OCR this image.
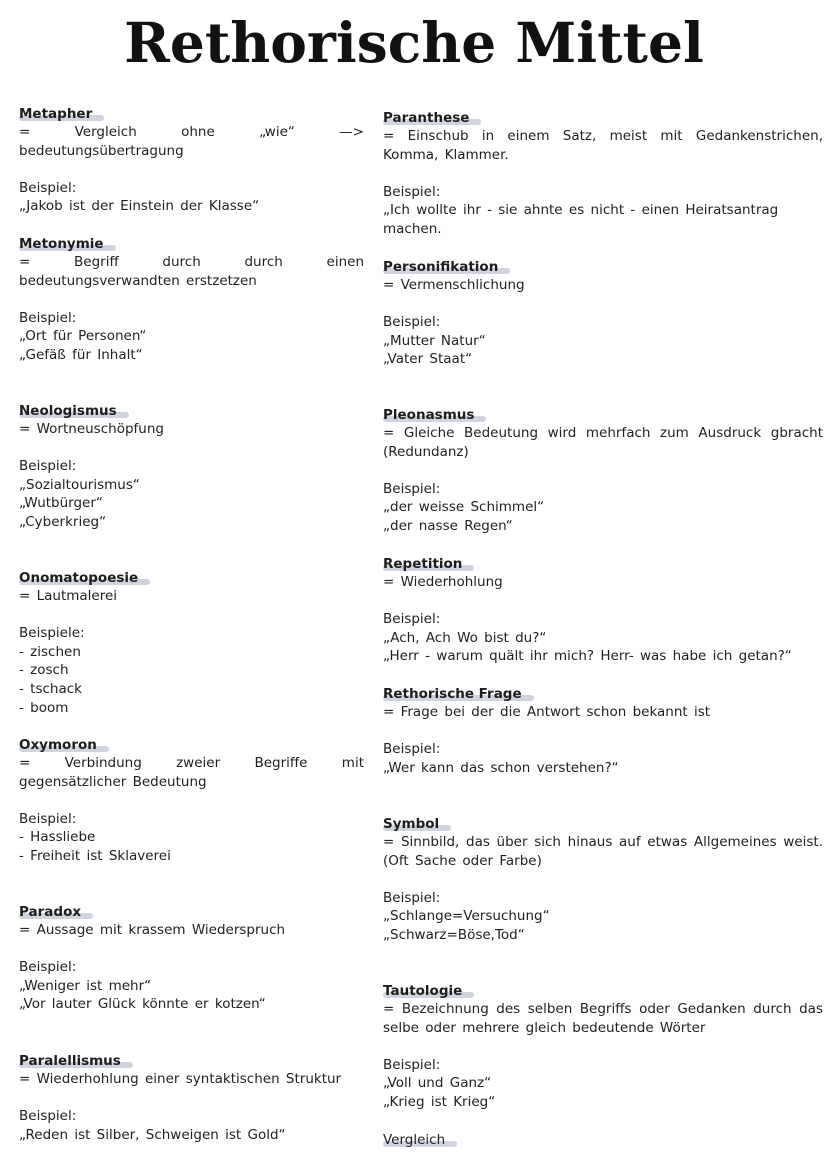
Rethorische Mittel
Metapher
= Vergleich ohne „wie“ —> bedeutungsübertragung
Beispiel:
„Jakob ist der Einstein der Klasse“
Metonymie
= Begriff durch durch einen bedeutungsverwandten erstzetzen
Beispiel:
„Ort für Personen“
„Gefäß für Inhalt“
Neologismus
= Wortneuschöpfung
Beispiel:
„Sozialtourismus“
„Wutbürger“
„Cyberkrieg“
Onomatopoesie
= Lautmalerei
Beispiele:
- zischen
- zosch
- tschack
- boom
Oxymoron
= Verbindung zweier Begriffe mit gegensätzlicher Bedeutung
Beispiel:
- Hassliebe
- Freiheit ist Sklaverei
Paradox
= Aussage mit krassem Wiederspruch
Beispiel:
„Weniger ist mehr“
„Vor lauter Glück könnte er kotzen“
Paralellismus
= Wiederhohlung einer syntaktischen Struktur
Beispiel:
„Reden ist Silber, Schweigen ist Gold“
Paranthese
= Einschub in einem Satz, meist mit Gedankenstrichen, Komma, Klammer.
Beispiel:
„Ich wollte ihr - sie ahnte es nicht - einen Heiratsantrag machen.
Personifikation
= Vermenschlichung
Beispiel:
„Mutter Natur“
„Vater Staat“
Pleonasmus
= Gleiche Bedeutung wird mehrfach zum Ausdruck gbracht (Redundanz)
Beispiel:
„der weisse Schimmel“
„der nasse Regen“
Repetition
= Wiederhohlung
Beispiel:
„Ach, Ach Wo bist du?“
„Herr - warum quält ihr mich? Herr- was habe ich getan?“
Rethorische Frage
= Frage bei der die Antwort schon bekannt ist
Beispiel:
„Wer kann das schon verstehen?“
Symbol
= Sinnbild, das über sich hinaus auf etwas Allgemeines weist. (Oft Sache oder Farbe)
Beispiel:
„Schlange=Versuchung“
„Schwarz=Böse,Tod“
Tautologie
= Bezeichnung des selben Begriffs oder Gedanken durch das selbe oder mehrere gleich bedeutende Wörter
Beispiel:
„Voll und Ganz“
„Krieg ist Krieg“
Vergleich
